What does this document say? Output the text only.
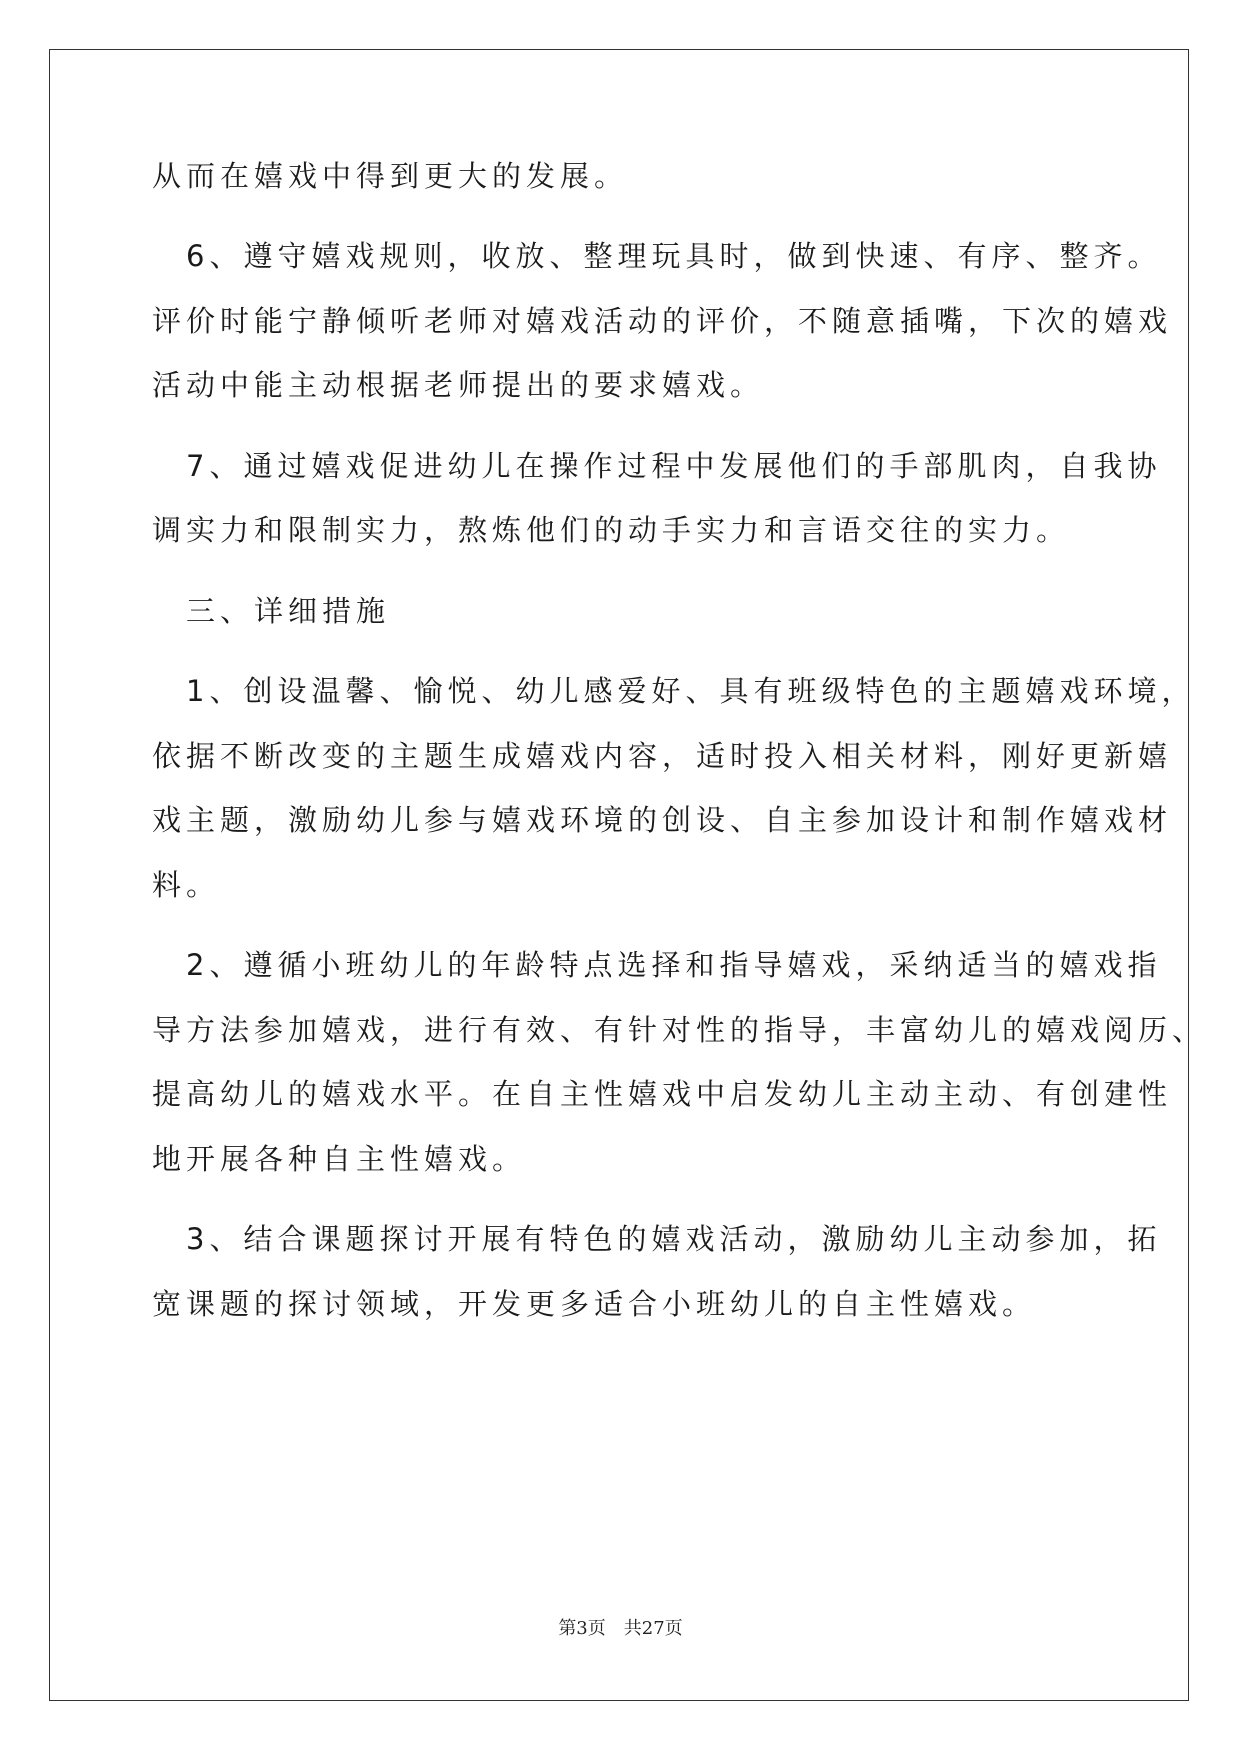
从而在嬉戏中得到更大的发展。
　6、遵守嬉戏规则，收放、整理玩具时，做到快速、有序、整齐。
评价时能宁静倾听老师对嬉戏活动的评价，不随意插嘴，下次的嬉戏
活动中能主动根据老师提出的要求嬉戏。
　7、通过嬉戏促进幼儿在操作过程中发展他们的手部肌肉，自我协
调实力和限制实力，熬炼他们的动手实力和言语交往的实力。
　三、详细措施
　1、创设温馨、愉悦、幼儿感爱好、具有班级特色的主题嬉戏环境，
依据不断改变的主题生成嬉戏内容，适时投入相关材料，刚好更新嬉
戏主题，激励幼儿参与嬉戏环境的创设、自主参加设计和制作嬉戏材
料。
　2、遵循小班幼儿的年龄特点选择和指导嬉戏，采纳适当的嬉戏指
导方法参加嬉戏，进行有效、有针对性的指导，丰富幼儿的嬉戏阅历、
提高幼儿的嬉戏水平。在自主性嬉戏中启发幼儿主动主动、有创建性
地开展各种自主性嬉戏。
　3、结合课题探讨开展有特色的嬉戏活动，激励幼儿主动参加，拓
宽课题的探讨领域，开发更多适合小班幼儿的自主性嬉戏。
第3页　共27页
